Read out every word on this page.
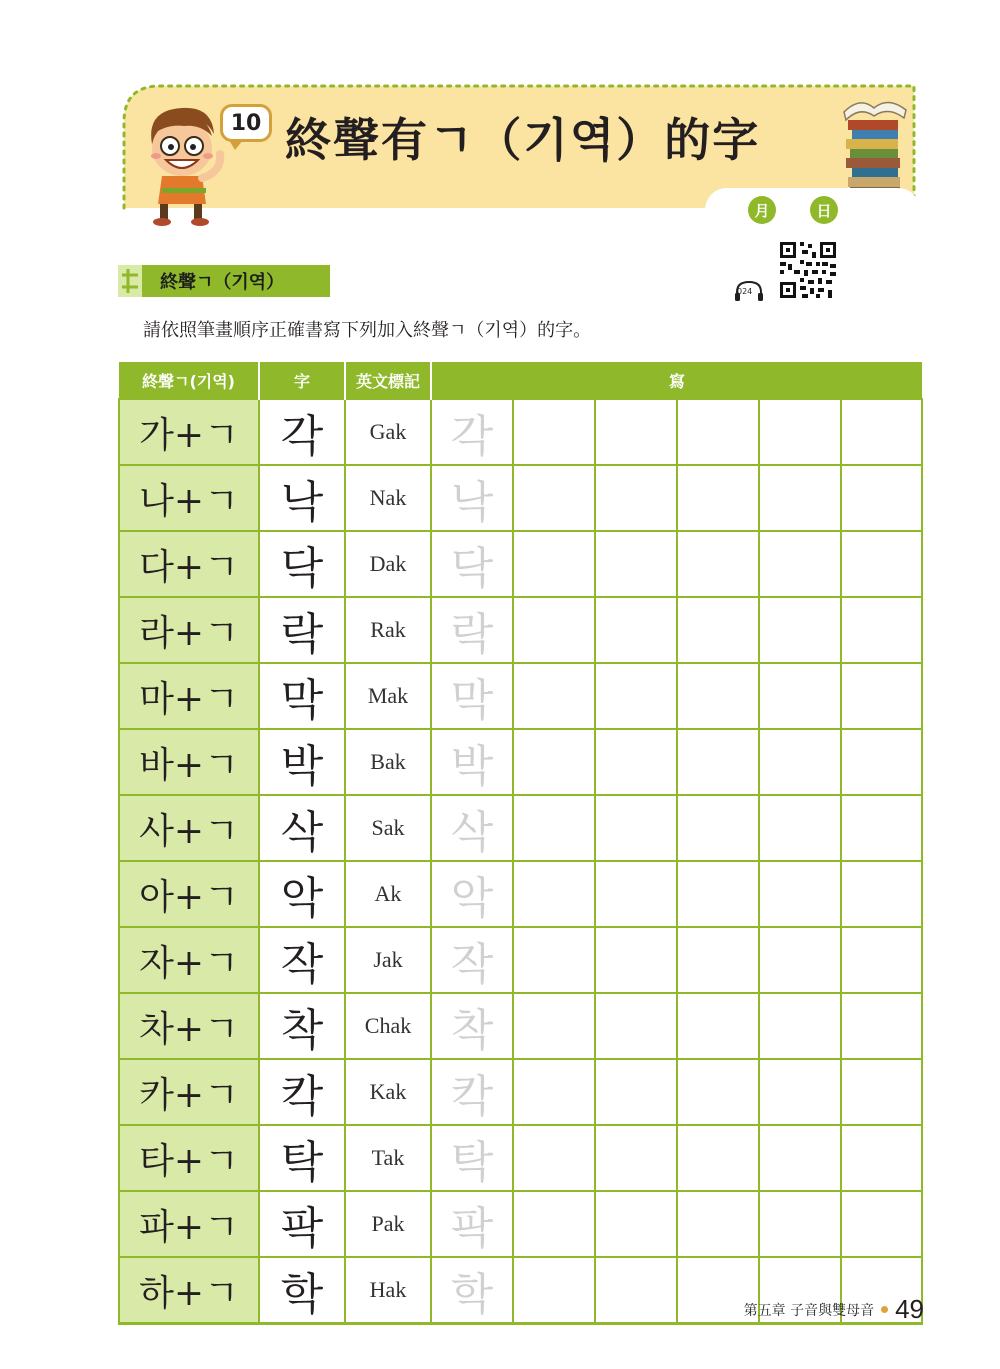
10 終聲有ㄱ（기역）的字
月	日
終聲ㄱ（기역）	024
請依照筆畫順序正確書寫下列加入終聲ㄱ（기역）的字。
終聲ㄱ(기역)	字	英文標記	寫					
가+ㄱ	각	Gak	각					
나+ㄱ	낙	Nak	낙					
다+ㄱ	닥	Dak	닥					
라+ㄱ	락	Rak	락					
마+ㄱ	막	Mak	막					
바+ㄱ	박	Bak	박					
사+ㄱ	삭	Sak	삭					
아+ㄱ	악	Ak	악					
자+ㄱ	작	Jak	작					
차+ㄱ	착	Chak	착					
카+ㄱ	칵	Kak	칵					
타+ㄱ	탁	Tak	탁					
파+ㄱ	팍	Pak	팍					
하+ㄱ	학	Hak	학						第五章 子音與雙母音 49
